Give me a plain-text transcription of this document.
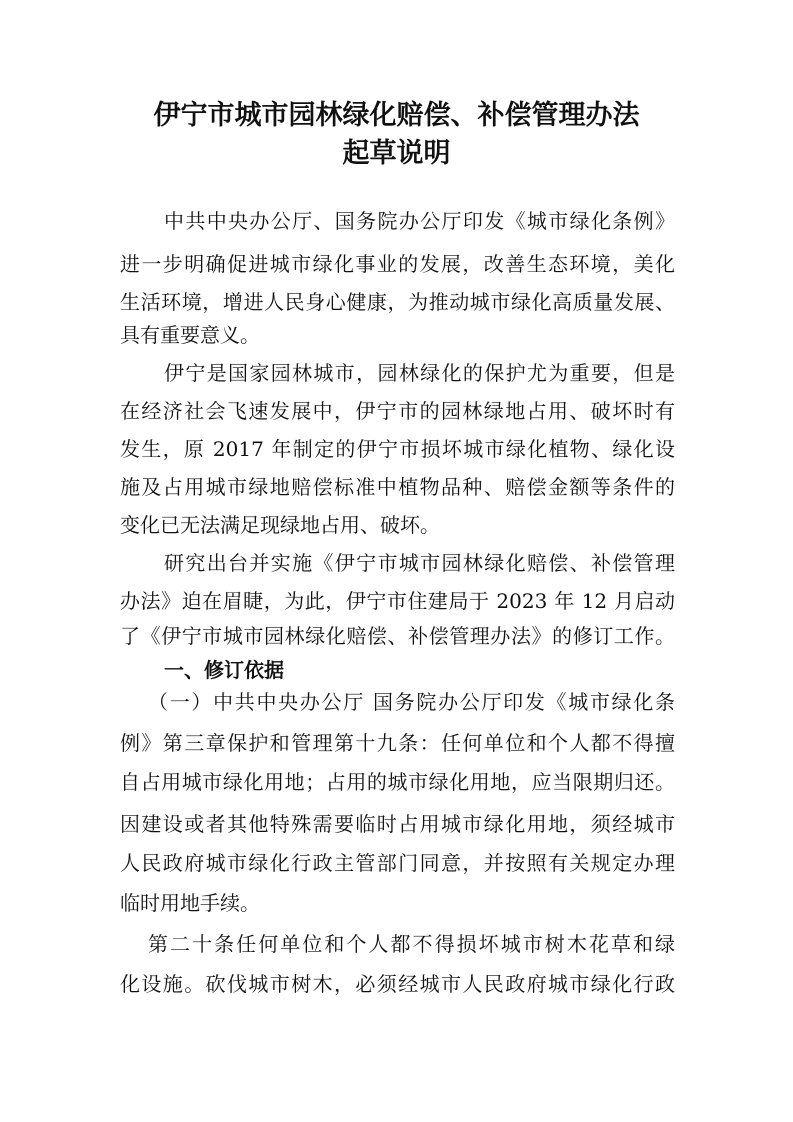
伊宁市城市园林绿化赔偿、补偿管理办法
起草说明
中共中央办公厅、国务院办公厅印发《城市绿化条例》
进一步明确促进城市绿化事业的发展，改善生态环境，美化
生活环境，增进人民身心健康，为推动城市绿化高质量发展、
具有重要意义。
伊宁是国家园林城市，园林绿化的保护尤为重要，但是
在经济社会飞速发展中，伊宁市的园林绿地占用、破坏时有
发生，原 2017 年制定的伊宁市损坏城市绿化植物、绿化设
施及占用城市绿地赔偿标准中植物品种、赔偿金额等条件的
变化已无法满足现绿地占用、破坏。
研究出台并实施《伊宁市城市园林绿化赔偿、补偿管理
办法》迫在眉睫，为此，伊宁市住建局于 2023 年 12 月启动
了《伊宁市城市园林绿化赔偿、补偿管理办法》的修订工作。
一、修订依据
（一）中共中央办公厅 国务院办公厅印发《城市绿化条
例》第三章保护和管理第十九条：任何单位和个人都不得擅
自占用城市绿化用地；占用的城市绿化用地，应当限期归还。
因建设或者其他特殊需要临时占用城市绿化用地，须经城市
人民政府城市绿化行政主管部门同意，并按照有关规定办理
临时用地手续。
第二十条任何单位和个人都不得损坏城市树木花草和绿
化设施。砍伐城市树木，必须经城市人民政府城市绿化行政
